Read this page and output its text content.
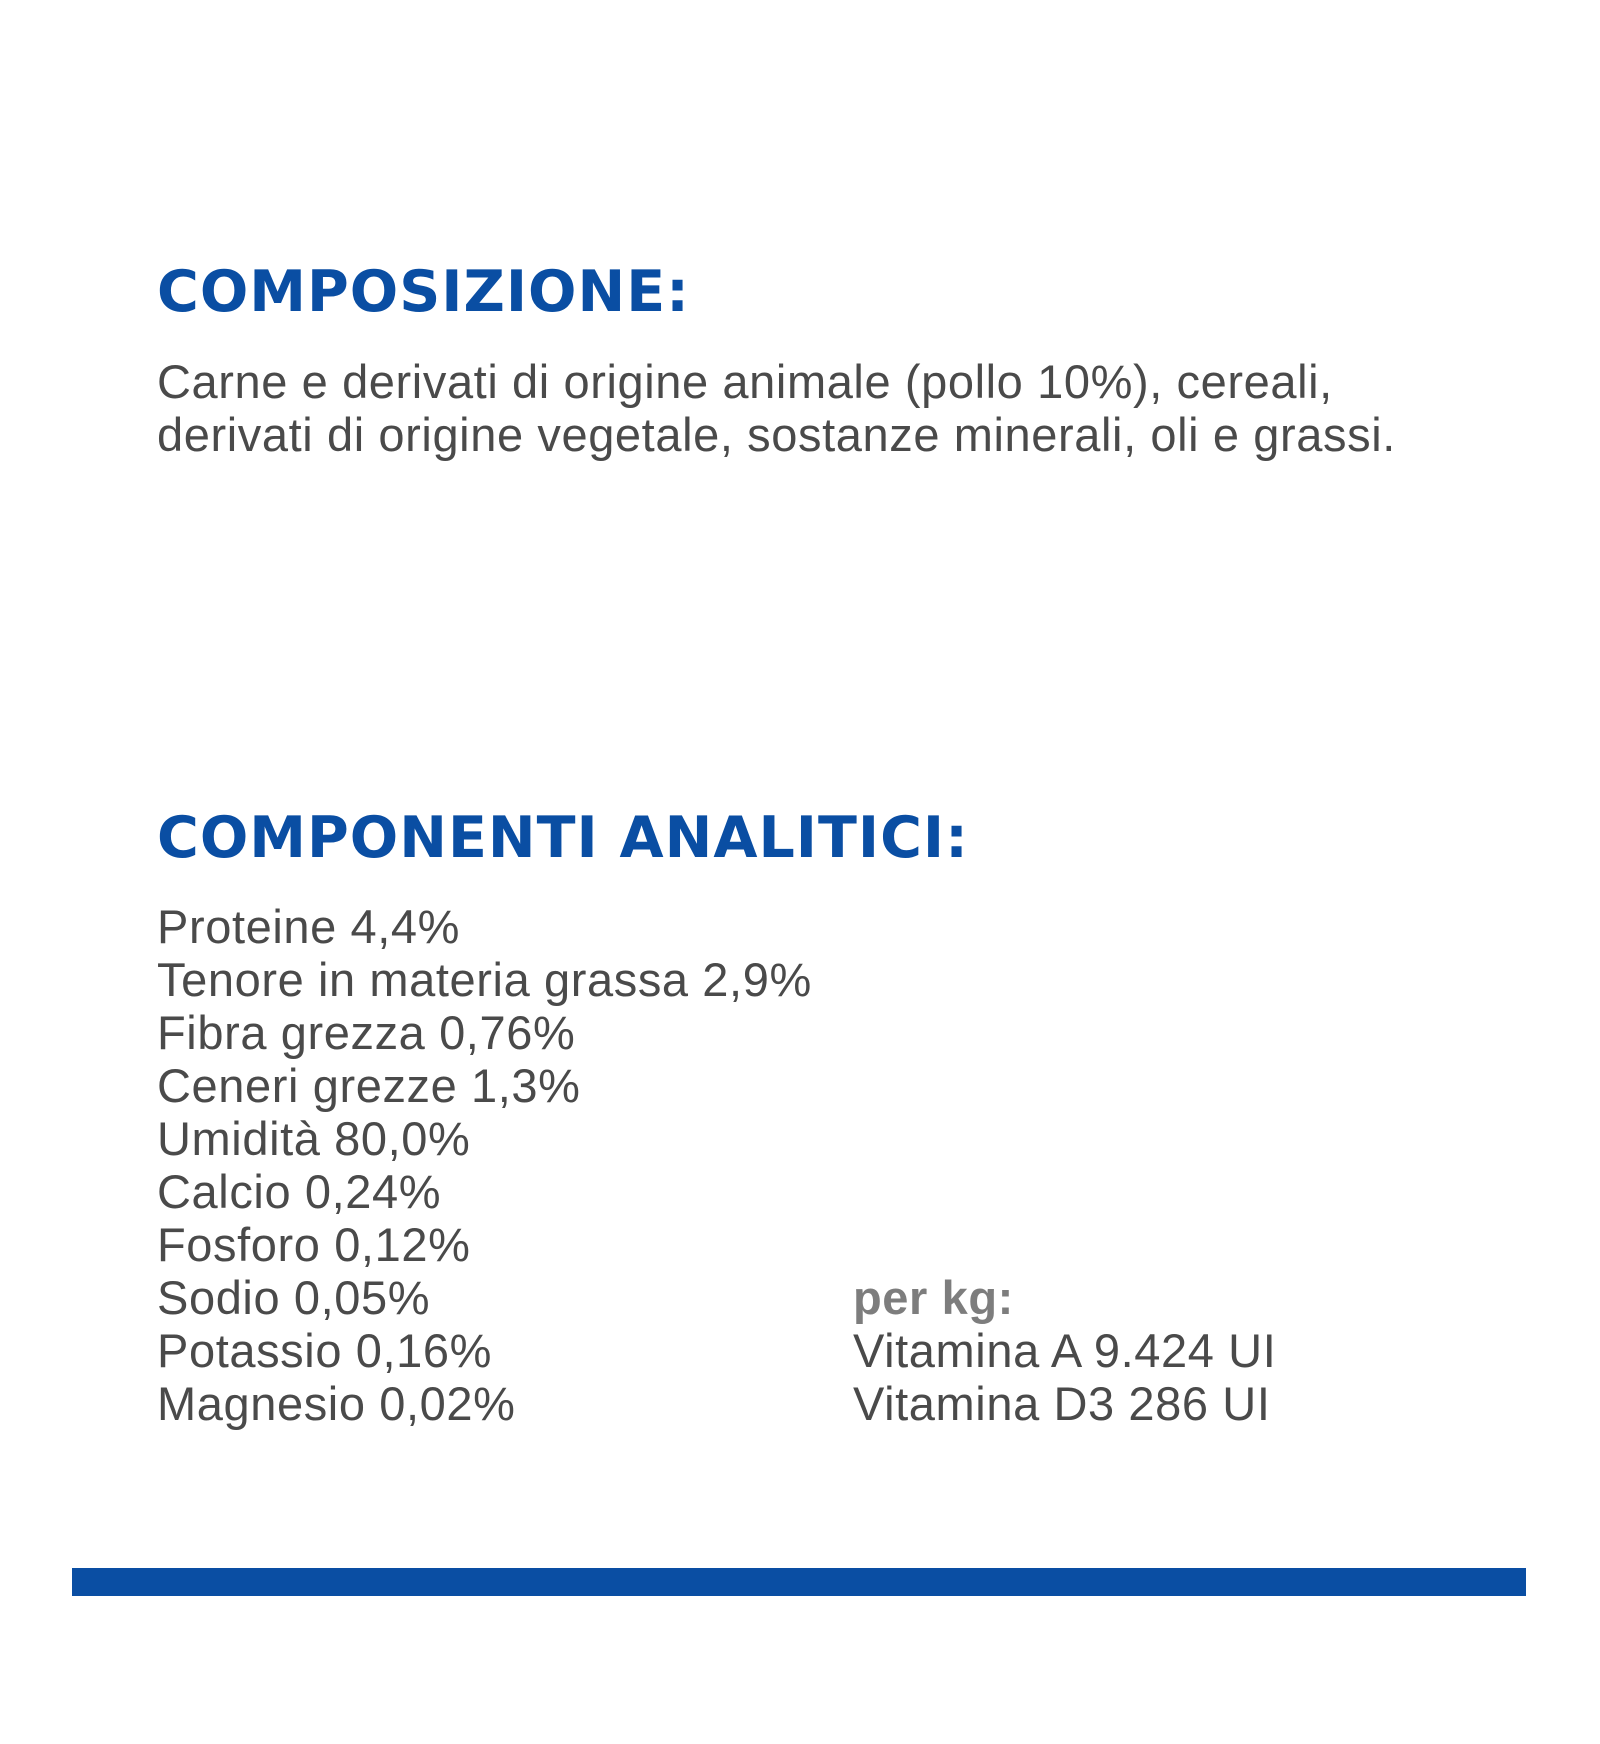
COMPOSIZIONE:

Carne e derivati di origine animale (pollo 10%), cereali, derivati di origine vegetale, sostanze minerali, oli e grassi.

COMPONENTI ANALITICI:
Proteine 4,4%
Tenore in materia grassa 2,9%
Fibra grezza 0,76%
Ceneri grezze 1,3%
Umidità 80,0%
Calcio 0,24%
Fosforo 0,12%
Sodio 0,05%
Potassio 0,16%
Magnesio 0,02%
per kg:
Vitamina A 9.424 UI
Vitamina D3 286 UI
